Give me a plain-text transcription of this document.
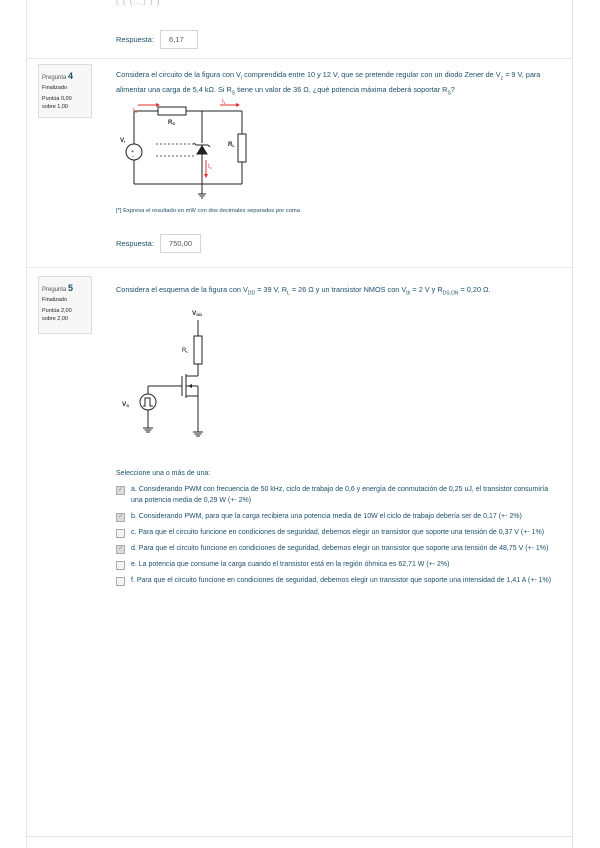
( ( (...) ) )
Respuesta: 6,17
Pregunta 4
Finalizado
Puntúa 0,00
sobre 1,00
Considera el circuito de la figura con $V_i$ comprendida entre 10 y 12 V, que se pretende regular con un diodo Zener de $V_z = 9$ V, para alimentar una carga de 5,4 kΩ. Si $R_S$ tiene un valor de 36 Ω, ¿qué potencia máxima deberá soportar $R_S$?
IS
IL
RS
RL
Vi
Iz
+
−
[*] Expresa el resultado en mW con dos decimales separados por coma
Respuesta: 750,00
Pregunta 5
Finalizado
Puntúa 2,00
sobre 2,00
Considera el esquema de la figura con $V_{DD} = 39$ V, $R_L = 26$ Ω y un transistor NMOS con $V_{th} = 2$ V y $R_{DS,ON} = 0,20$ Ω.
VDD
RL
VS
Seleccione una o más de una:
✓ a. Considerando PWM con frecuencia de 50 kHz, ciclo de trabajo de 0,6 y energía de conmutación de 0,25 uJ, el transistor consumiría una potencia media de 0,29 W (+- 2%)
✓ b. Considerando PWM, para que la carga recibiera una potencia media de 10W el ciclo de trabajo debería ser de 0,17 (+- 2%)
c. Para que el circuito funcione en condiciones de seguridad, debemos elegir un transistor que soporte una tensión de 0,37 V (+- 1%)
✓ d. Para que el circuito funcione en condiciones de seguridad, debemos elegir un transistor que soporte una tensión de 48,75 V (+- 1%)
e. La potencia que consume la carga cuando el transistor está en la región óhmica es 62,71 W (+- 2%)
f. Para que el circuito funcione en condiciones de seguridad, debemos elegir un transistor que soporte una intensidad de 1,41 A (+- 1%)
